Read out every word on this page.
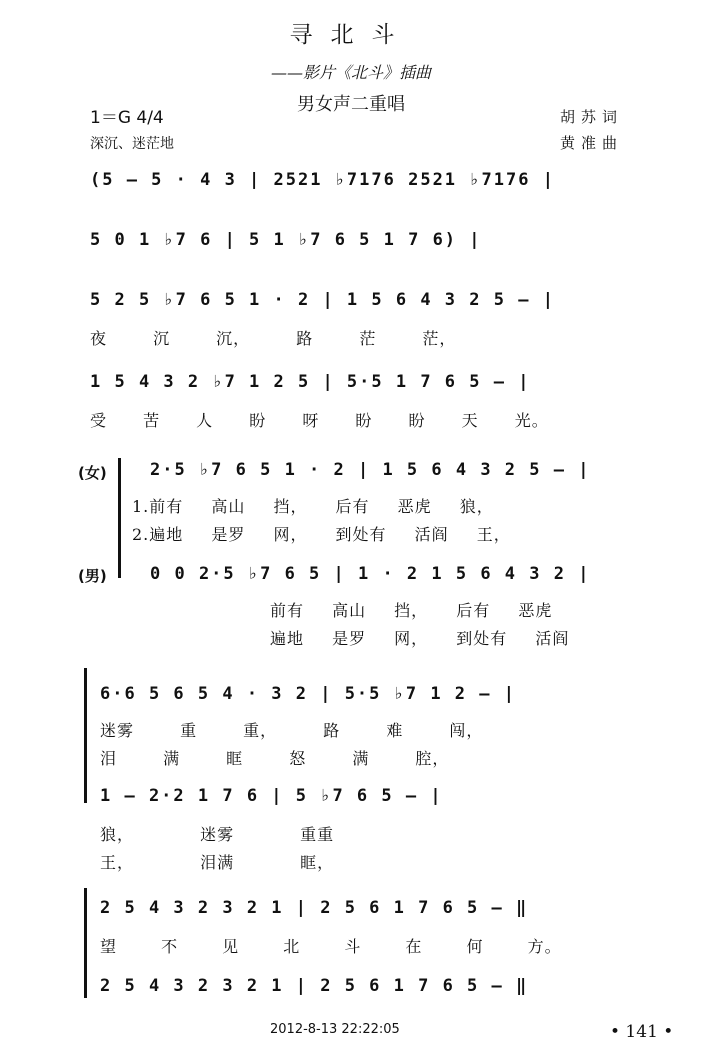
寻北斗
——影片《北斗》插曲
男女声二重唱
1＝G 4/4
深沉、迷茫地
胡苏词
黄准曲
(5 — 5 · 4 3 | 2521 ♭7176 2521 ♭7176 |
5 0 1 ♭7 6 | 5 1 ♭7 6 5 1 7 6) |
5 2 5 ♭7 6 5 1 · 2 | 1 5 6 4 3 2 5 — |
夜 沉 沉， 路 茫 茫，
1 5 4 3 2 ♭7 1 2 5 | 5·5 1 7 6 5 — |
受 苦 人 盼 呀 盼 盼 天 光。
(女)	2·5 ♭7 6 5 1 · 2 | 1 5 6 4 3 2 5 — |
1.前有 高山 挡， 后有 恶虎 狼，
2.遍地 是罗 网， 到处有 活阎 王，
(男)	0 0 2·5 ♭7 6 5 | 1 · 2 1 5 6 4 3 2 |
前有 高山 挡， 后有 恶虎
遍地 是罗 网， 到处有 活阎
6·6 5 6 5 4 · 3 2 | 5·5 ♭7 1 2 — |
迷雾 重 重， 路 难 闯，
泪 满 眶 怒 满 腔，
1 — 2·2 1 7 6 | 5 ♭7 6 5 — |
狼， 迷雾 重重
王， 泪满 眶，
2 5 4 3 2 3 2 1 | 2 5 6 1 7 6 5 — ‖
望 不 见 北 斗 在 何 方。
2 5 4 3 2 3 2 1 | 2 5 6 1 7 6 5 — ‖
2012-8-13 22:22:05	• 141 •
